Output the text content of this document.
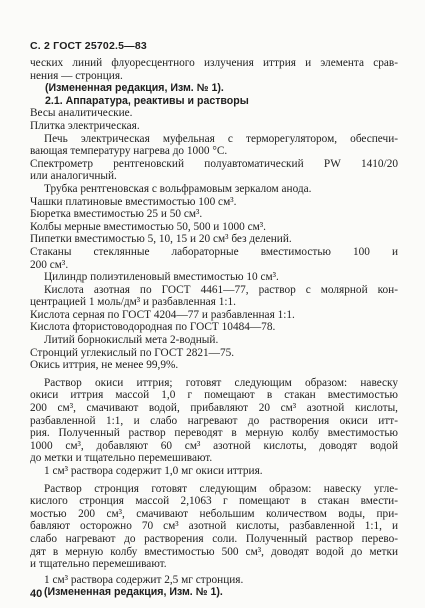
С. 2 ГОСТ 25702.5—83
ческих линий флуоресцентного излучения иттрия и элемента срав-
нения — стронция.
(Измененная редакция, Изм. № 1).
2.1. Аппаратура, реактивы и растворы
Весы аналитические.
Плитка электрическая.
Печь электрическая муфельная с терморегулятором, обеспечи-
вающая температуру нагрева до 1000 °С.
Спектрометр рентгеновский полуавтоматический PW 1410/20
или аналогичный.
Трубка рентгеновская с вольфрамовым зеркалом анода.
Чашки платиновые вместимостью 100 см³.
Бюретка вместимостью 25 и 50 см³.
Колбы мерные вместимостью 50, 500 и 1000 см³.
Пипетки вместимостью 5, 10, 15 и 20 см³ без делений.
Стаканы стеклянные лабораторные вместимостью 100 и
200 см³.
Цилиндр полиэтиленовый вместимостью 10 см³.
Кислота азотная по ГОСТ 4461—77, раствор с молярной кон-
центрацией 1 моль/дм³ и разбавленная 1:1.
Кислота серная по ГОСТ 4204—77 и разбавленная 1:1.
Кислота фтористоводородная по ГОСТ 10484—78.
Литий борнокислый мета 2-водный.
Стронций углекислый по ГОСТ 2821—75.
Окись иттрия, не менее 99,9%.
Раствор окиси иттрия; готовят следующим образом: навеску
окиси иттрия массой 1,0 г помещают в стакан вместимостью
200 см³, смачивают водой, прибавляют 20 см³ азотной кислоты,
разбавленной 1:1, и слабо нагревают до растворения окиси итт-
рия. Полученный раствор переводят в мерную колбу вместимостью
1000 см³, добавляют 60 см³ азотной кислоты, доводят водой
до метки и тщательно перемешивают.
1 см³ раствора содержит 1,0 мг окиси иттрия.
Раствор стронция готовят следующим образом: навеску угле-
кислого стронция массой 2,1063 г помещают в стакан вмести-
мостью 200 см³, смачивают небольшим количеством воды, при-
бавляют осторожно 70 см³ азотной кислоты, разбавленной 1:1, и
слабо нагревают до растворения соли. Полученный раствор перево-
дят в мерную колбу вместимостью 500 см³, доводят водой до метки
и тщательно перемешивают.
1 см³ раствора содержит 2,5 мг стронция.
(Измененная редакция, Изм. № 1).
40
